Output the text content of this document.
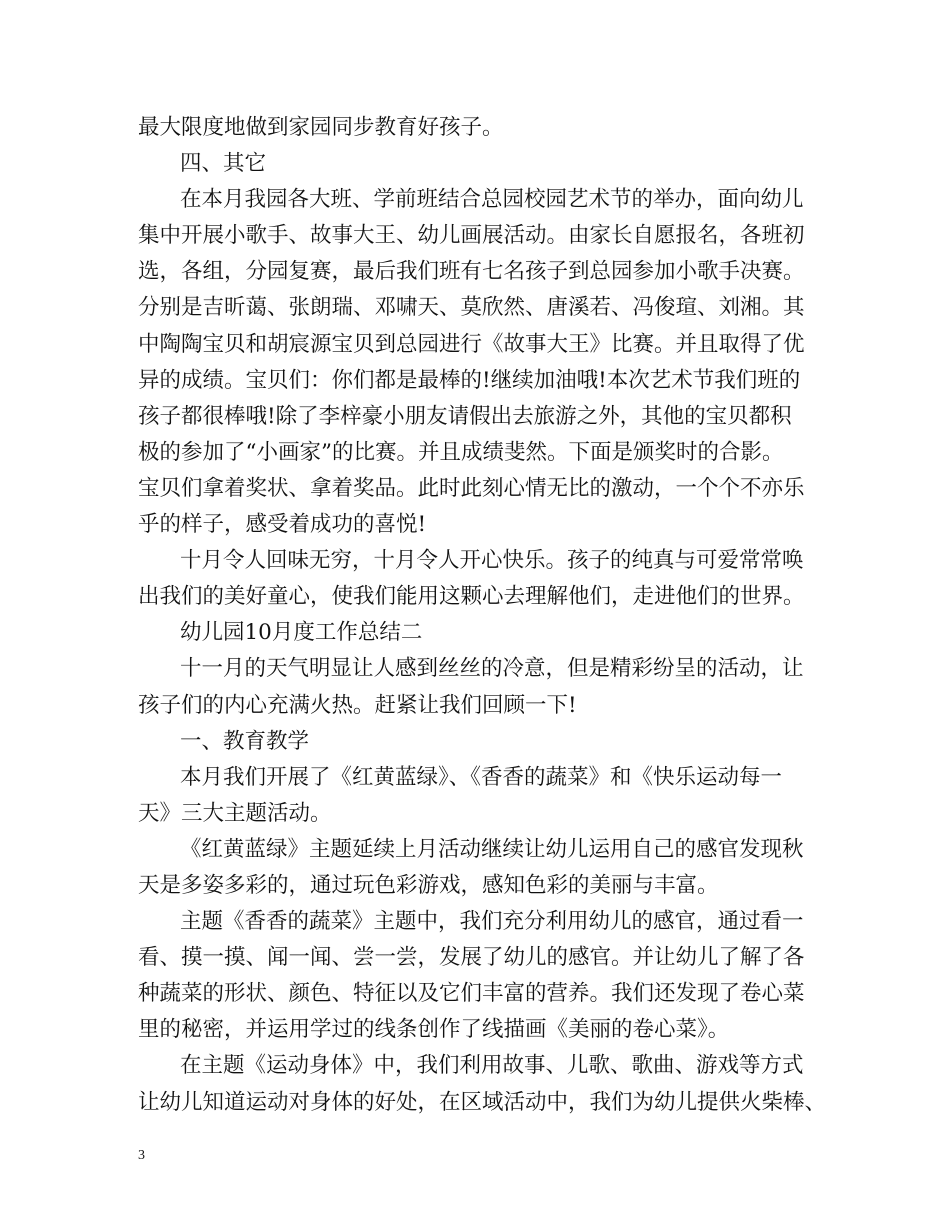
最大限度地做到家园同步教育好孩子。
四、其它
在本月我园各大班、学前班结合总园校园艺术节的举办，面向幼儿
集中开展小歌手、故事大王、幼儿画展活动。由家长自愿报名，各班初
选，各组，分园复赛，最后我们班有七名孩子到总园参加小歌手决赛。
分别是吉昕蔼、张朗瑞、邓啸天、莫欣然、唐溪若、冯俊瑄、刘湘。其
中陶陶宝贝和胡宸源宝贝到总园进行《故事大王》比赛。并且取得了优
异的成绩。宝贝们：你们都是最棒的!继续加油哦!本次艺术节我们班的
孩子都很棒哦!除了李梓豪小朋友请假出去旅游之外，其他的宝贝都积
极的参加了“小画家”的比赛。并且成绩斐然。下面是颁奖时的合影。
宝贝们拿着奖状、拿着奖品。此时此刻心情无比的激动，一个个不亦乐
乎的样子，感受着成功的喜悦!
十月令人回味无穷，十月令人开心快乐。孩子的纯真与可爱常常唤
出我们的美好童心，使我们能用这颗心去理解他们，走进他们的世界。
幼儿园10月度工作总结二
十一月的天气明显让人感到丝丝的冷意，但是精彩纷呈的活动，让
孩子们的内心充满火热。赶紧让我们回顾一下!
一、教育教学
本月我们开展了《红黄蓝绿》、《香香的蔬菜》和《快乐运动每一
天》三大主题活动。
《红黄蓝绿》主题延续上月活动继续让幼儿运用自己的感官发现秋
天是多姿多彩的，通过玩色彩游戏，感知色彩的美丽与丰富。
主题《香香的蔬菜》主题中，我们充分利用幼儿的感官，通过看一
看、摸一摸、闻一闻、尝一尝，发展了幼儿的感官。并让幼儿了解了各
种蔬菜的形状、颜色、特征以及它们丰富的营养。我们还发现了卷心菜
里的秘密，并运用学过的线条创作了线描画《美丽的卷心菜》。
在主题《运动身体》中，我们利用故事、儿歌、歌曲、游戏等方式
让幼儿知道运动对身体的好处，在区域活动中，我们为幼儿提供火柴棒、
3
